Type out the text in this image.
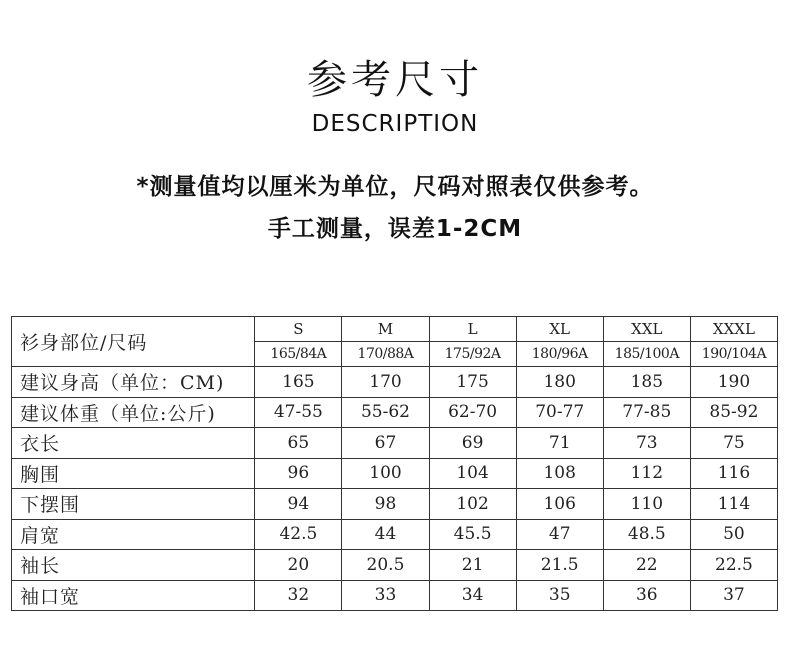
参考尺寸
DESCRIPTION
*测量值均以厘米为单位，尺码对照表仅供参考。
手工测量，误差1-2CM
衫身部位/尺码	S	M	L	XL	XXL	XXXL
	165/84A	170/88A	175/92A	180/96A	185/100A	190/104A
建议身高（单位：CM)	165	170	175	180	185	190
建议体重（单位:公斤)	47-55	55-62	62-70	70-77	77-85	85-92
衣长	65	67	69	71	73	75
胸围	96	100	104	108	112	116
下摆围	94	98	102	106	110	114
肩宽	42.5	44	45.5	47	48.5	50
袖长	20	20.5	21	21.5	22	22.5
袖口宽	32	33	34	35	36	37
